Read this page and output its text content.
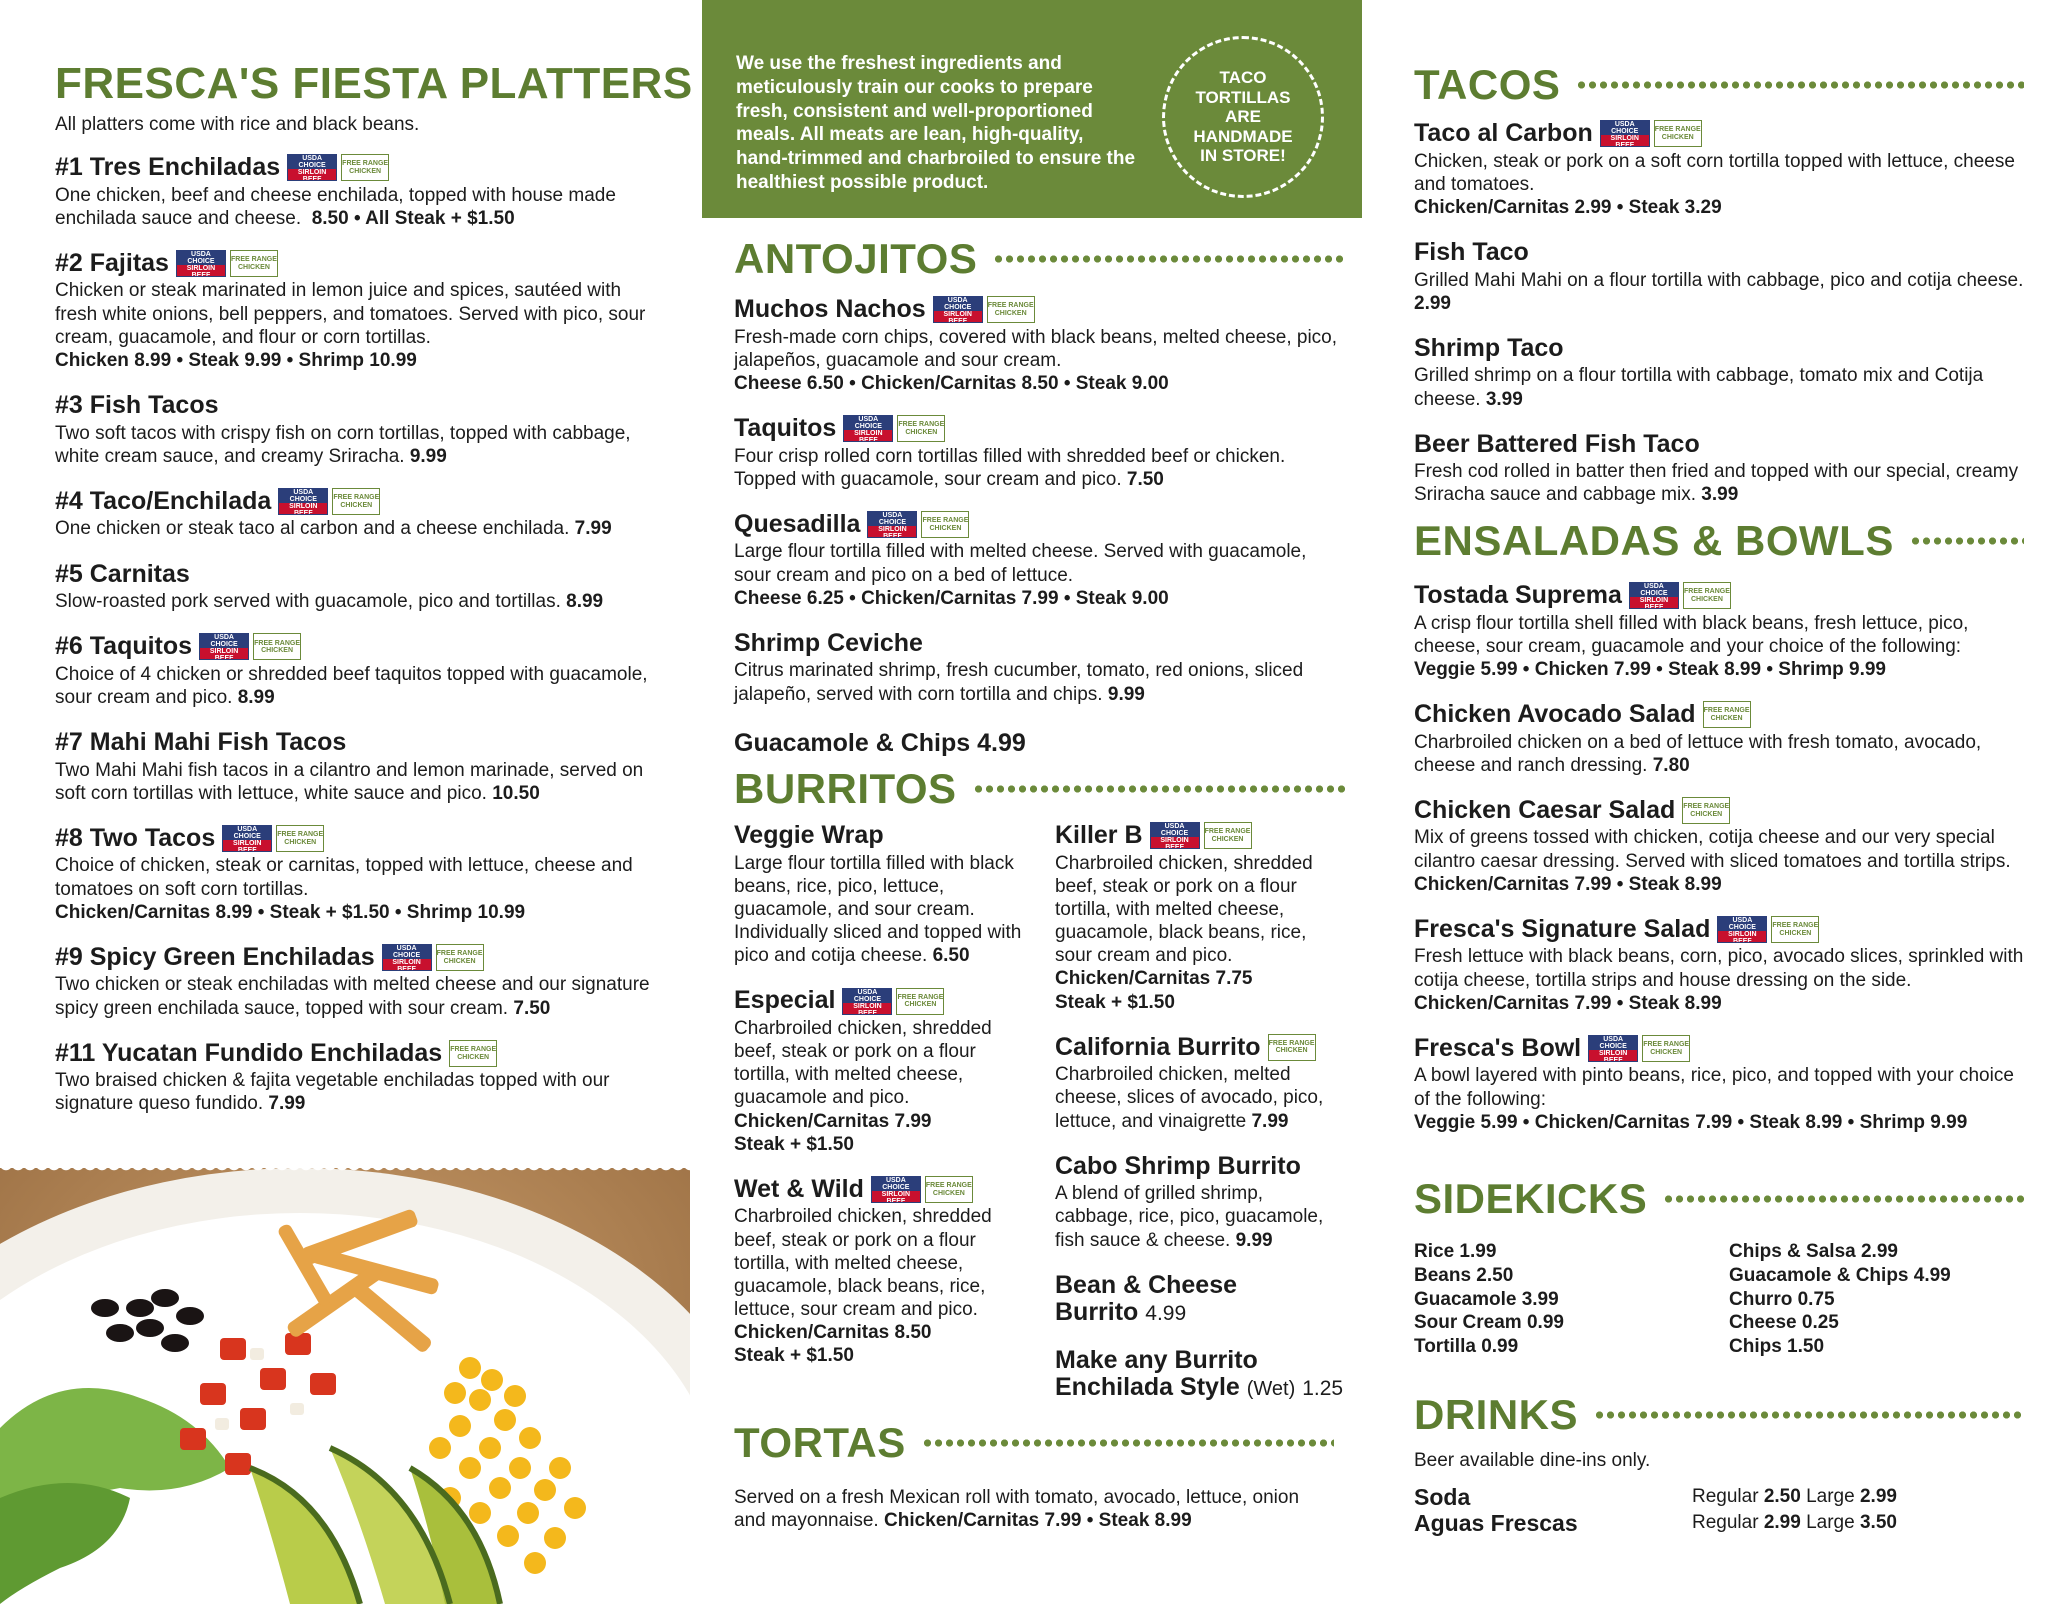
FRESCA'S FIESTA PLATTERS
All platters come with rice and black beans.
#1 Tres Enchiladas	USDA CHOICE
SIRLOIN BEEF
FREE RANGE
CHICKEN
One chicken, beef and cheese enchilada, topped with house made enchilada sauce and cheese. 8.50 • All Steak + $1.50
#2 Fajitas	USDA CHOICE
SIRLOIN BEEF
FREE RANGE
CHICKEN
Chicken or steak marinated in lemon juice and spices, sautéed with fresh white onions, bell peppers, and tomatoes. Served with pico, sour cream, guacamole, and flour or corn tortillas.
Chicken 8.99 • Steak 9.99 • Shrimp 10.99
#3 Fish Tacos
Two soft tacos with crispy fish on corn tortillas, topped with cabbage, white cream sauce, and creamy Sriracha. 9.99
#4 Taco/Enchilada	USDA CHOICE
SIRLOIN BEEF
FREE RANGE
CHICKEN
One chicken or steak taco al carbon and a cheese enchilada. 7.99
#5 Carnitas
Slow-roasted pork served with guacamole, pico and tortillas. 8.99
#6 Taquitos	USDA CHOICE
SIRLOIN BEEF
FREE RANGE
CHICKEN
Choice of 4 chicken or shredded beef taquitos topped with guacamole, sour cream and pico. 8.99
#7 Mahi Mahi Fish Tacos
Two Mahi Mahi fish tacos in a cilantro and lemon marinade, served on soft corn tortillas with lettuce, white sauce and pico. 10.50
#8 Two Tacos	USDA CHOICE
SIRLOIN BEEF
FREE RANGE
CHICKEN
Choice of chicken, steak or carnitas, topped with lettuce, cheese and tomatoes on soft corn tortillas.
Chicken/Carnitas 8.99 • Steak + $1.50 • Shrimp 10.99
#9 Spicy Green Enchiladas	USDA CHOICE
SIRLOIN BEEF
FREE RANGE
CHICKEN
Two chicken or steak enchiladas with melted cheese and our signature spicy green enchilada sauce, topped with sour cream. 7.50
#11 Yucatan Fundido Enchiladas FREE RANGE
CHICKEN
Two braised chicken & fajita vegetable enchiladas topped with our signature queso fundido. 7.99
We use the freshest ingredients and meticulously train our cooks to prepare fresh, consistent and well-proportioned meals. All meats are lean, high-quality, hand-trimmed and charbroiled to ensure the healthiest possible product.
TACO TORTILLAS ARE HANDMADE IN STORE!
ANTOJITOS
Muchos Nachos	USDA CHOICE
SIRLOIN BEEF
FREE RANGE
CHICKEN
Fresh-made corn chips, covered with black beans, melted cheese, pico, jalapeños, guacamole and sour cream.
Cheese 6.50 • Chicken/Carnitas 8.50 • Steak 9.00
Taquitos	USDA CHOICE
SIRLOIN BEEF
FREE RANGE
CHICKEN
Four crisp rolled corn tortillas filled with shredded beef or chicken. Topped with guacamole, sour cream and pico. 7.50
Quesadilla	USDA CHOICE
SIRLOIN BEEF
FREE RANGE
CHICKEN
Large flour tortilla filled with melted cheese. Served with guacamole, sour cream and pico on a bed of lettuce.
Cheese 6.25 • Chicken/Carnitas 7.99 • Steak 9.00
Shrimp Ceviche
Citrus marinated shrimp, fresh cucumber, tomato, red onions, sliced jalapeño, served with corn tortilla and chips. 9.99
Guacamole & Chips 4.99
BURRITOS
Veggie Wrap
Large flour tortilla filled with black beans, rice, pico, lettuce, guacamole, and sour cream. Individually sliced and topped with pico and cotija cheese. 6.50
Especial	USDA CHOICE
SIRLOIN BEEF
FREE RANGE
CHICKEN
Charbroiled chicken, shredded beef, steak or pork on a flour tortilla, with melted cheese, guacamole and pico.
Chicken/Carnitas 7.99
Steak + $1.50
Wet & Wild	USDA CHOICE
SIRLOIN BEEF
FREE RANGE
CHICKEN
Charbroiled chicken, shredded beef, steak or pork on a flour tortilla, with melted cheese, guacamole, black beans, rice, lettuce, sour cream and pico.
Chicken/Carnitas 8.50
Steak + $1.50
Killer B	USDA CHOICE
SIRLOIN BEEF
FREE RANGE
CHICKEN
Charbroiled chicken, shredded beef, steak or pork on a flour tortilla, with melted cheese, guacamole, black beans, rice, sour cream and pico.
Chicken/Carnitas 7.75
Steak + $1.50
California Burrito FREE RANGE
CHICKEN
Charbroiled chicken, melted cheese, slices of avocado, pico, lettuce, and vinaigrette 7.99
Cabo Shrimp Burrito
A blend of grilled shrimp, cabbage, rice, pico, guacamole, fish sauce & cheese. 9.99
Bean & Cheese
Burrito 4.99
Make any Burrito
Enchilada Style (Wet) 1.25
TORTAS
Served on a fresh Mexican roll with tomato, avocado, lettuce, onion and mayonnaise. Chicken/Carnitas 7.99 • Steak 8.99
TACOS
Taco al Carbon	USDA CHOICE
SIRLOIN BEEF
FREE RANGE
CHICKEN
Chicken, steak or pork on a soft corn tortilla topped with lettuce, cheese and tomatoes.
Chicken/Carnitas 2.99 • Steak 3.29
Fish Taco
Grilled Mahi Mahi on a flour tortilla with cabbage, pico and cotija cheese. 2.99
Shrimp Taco
Grilled shrimp on a flour tortilla with cabbage, tomato mix and Cotija cheese. 3.99
Beer Battered Fish Taco
Fresh cod rolled in batter then fried and topped with our special, creamy Sriracha sauce and cabbage mix. 3.99
ENSALADAS & BOWLS
Tostada Suprema	USDA CHOICE
SIRLOIN BEEF
FREE RANGE
CHICKEN
A crisp flour tortilla shell filled with black beans, fresh lettuce, pico, cheese, sour cream, guacamole and your choice of the following: Veggie 5.99 • Chicken 7.99 • Steak 8.99 • Shrimp 9.99
Chicken Avocado Salad FREE RANGE
CHICKEN
Charbroiled chicken on a bed of lettuce with fresh tomato, avocado, cheese and ranch dressing. 7.80
Chicken Caesar Salad FREE RANGE
CHICKEN
Mix of greens tossed with chicken, cotija cheese and our very special cilantro caesar dressing. Served with sliced tomatoes and tortilla strips. Chicken/Carnitas 7.99 • Steak 8.99
Fresca's Signature Salad	USDA CHOICE
SIRLOIN BEEF
FREE RANGE
CHICKEN
Fresh lettuce with black beans, corn, pico, avocado slices, sprinkled with cotija cheese, tortilla strips and house dressing on the side. Chicken/Carnitas 7.99 • Steak 8.99
Fresca's Bowl	USDA CHOICE
SIRLOIN BEEF
FREE RANGE
CHICKEN
A bowl layered with pinto beans, rice, pico, and topped with your choice of the following:
Veggie 5.99 • Chicken/Carnitas 7.99 • Steak 8.99 • Shrimp 9.99
SIDEKICKS
Rice 1.99
Beans 2.50
Guacamole 3.99
Sour Cream 0.99
Tortilla 0.99
Chips & Salsa 2.99
Guacamole & Chips 4.99
Churro 0.75
Cheese 0.25
Chips 1.50
DRINKS
Beer available dine-ins only.
Soda	Regular 2.50 Large 2.99
Aguas Frescas	Regular 2.99 Large 3.50
